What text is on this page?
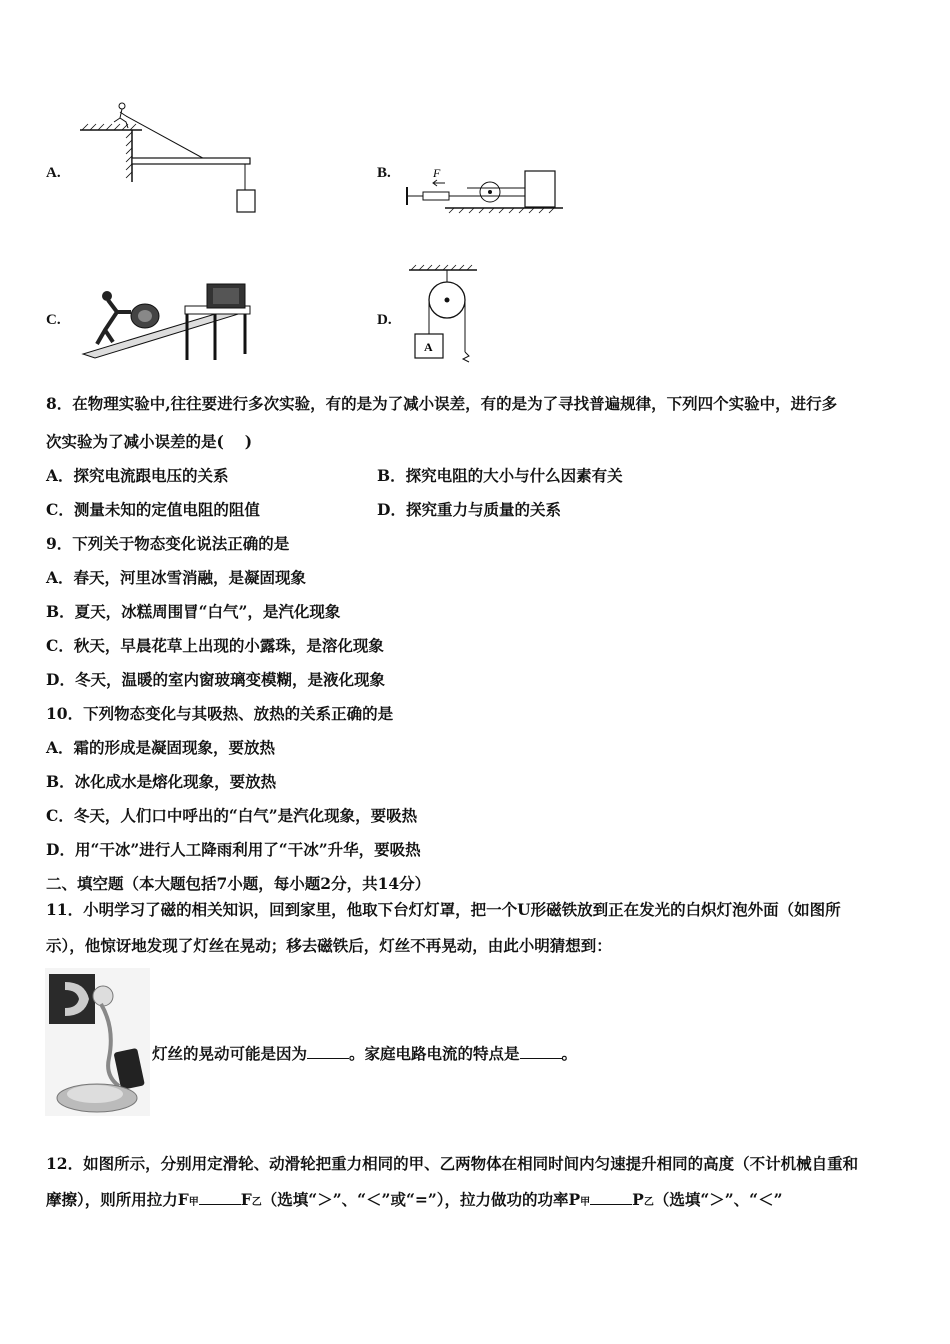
A.	B.	F
C.	D.
A
8．在物理实验中,往往要进行多次实验，有的是为了减小误差，有的是为了寻找普遍规律，下列四个实验中，进行多
次实验为了减小误差的是(　 )
A．探究电流跟电压的关系	B．探究电阻的大小与什么因素有关
C．测量未知的定值电阻的阻值	D．探究重力与质量的关系
9．下列关于物态变化说法正确的是
A．春天，河里冰雪消融，是凝固现象
B．夏天，冰糕周围冒“白气”，是汽化现象
C．秋天，早晨花草上出现的小露珠，是溶化现象
D．冬天，温暖的室内窗玻璃变模糊，是液化现象
10．下列物态变化与其吸热、放热的关系正确的是
A．霜的形成是凝固现象，要放热
B．冰化成水是熔化现象，要放热
C．冬天，人们口中呼出的“白气”是汽化现象，要吸热
D．用“干冰”进行人工降雨利用了“干冰”升华，要吸热
二、填空题（本大题包括7小题，每小题2分，共14分）
11．小明学习了磁的相关知识，回到家里，他取下台灯灯罩，把一个U形磁铁放到正在发光的白炽灯泡外面（如图所
示），他惊讶地发现了灯丝在晃动；移去磁铁后，灯丝不再晃动，由此小明猜想到：
灯丝的晃动可能是因为	。家庭电路电流的特点是	。
12．如图所示，分别用定滑轮、动滑轮把重力相同的甲、乙两物体在相同时间内匀速提升相同的高度（不计机械自重和
摩擦），则所用拉力F甲	F乙（选填“＞”、“＜”或“=”），拉力做功的功率P甲	P乙（选填“＞”、“＜”
